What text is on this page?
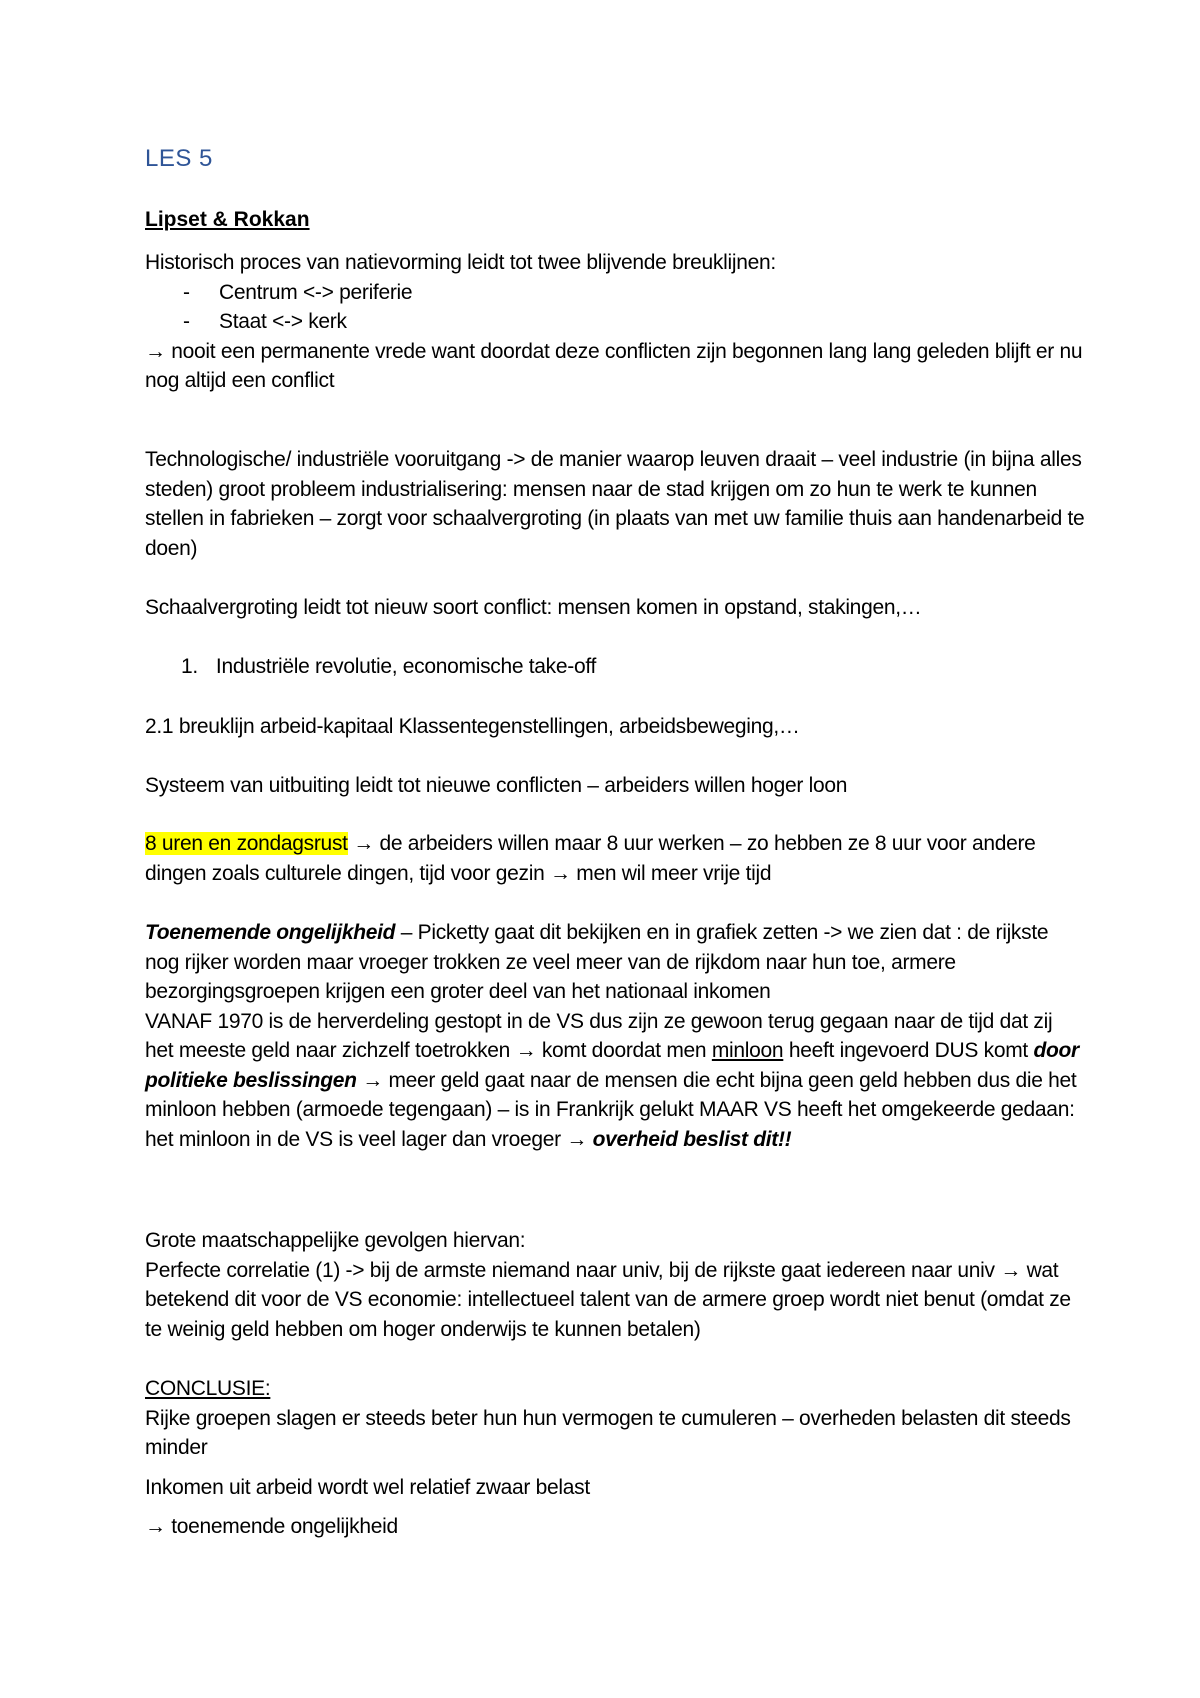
LES 5
Lipset & Rokkan

Historisch proces van natievorming leidt tot twee blijvende breuklijnen:

- Centrum <-> periferie
- Staat <-> kerk

→ nooit een permanente vrede want doordat deze conflicten zijn begonnen lang lang geleden blijft er nu nog altijd een conflict

Technologische/ industriële vooruitgang -> de manier waarop leuven draait – veel industrie (in bijna alles steden) groot probleem industrialisering: mensen naar de stad krijgen om zo hun te werk te kunnen stellen in fabrieken – zorgt voor schaalvergroting (in plaats van met uw familie thuis aan handenarbeid te doen)

Schaalvergroting leidt tot nieuw soort conflict: mensen komen in opstand, stakingen,…

1. Industriële revolutie, economische take-off

2.1 breuklijn arbeid-kapitaal Klassentegenstellingen, arbeidsbeweging,…

Systeem van uitbuiting leidt tot nieuwe conflicten – arbeiders willen hoger loon

8 uren en zondagsrust → de arbeiders willen maar 8 uur werken – zo hebben ze 8 uur voor andere dingen zoals culturele dingen, tijd voor gezin → men wil meer vrije tijd

Toenemende ongelijkheid – Picketty gaat dit bekijken en in grafiek zetten -> we zien dat : de rijkste nog rijker worden maar vroeger trokken ze veel meer van de rijkdom naar hun toe, armere bezorgingsgroepen krijgen een groter deel van het nationaal inkomen

VANAF 1970 is de herverdeling gestopt in de VS dus zijn ze gewoon terug gegaan naar de tijd dat zij het meeste geld naar zichzelf toetrokken → komt doordat men minloon heeft ingevoerd DUS komt door politieke beslissingen → meer geld gaat naar de mensen die echt bijna geen geld hebben dus die het minloon hebben (armoede tegengaan) – is in Frankrijk gelukt MAAR VS heeft het omgekeerde gedaan: het minloon in de VS is veel lager dan vroeger → overheid beslist dit!!

Grote maatschappelijke gevolgen hiervan:

Perfecte correlatie (1) -> bij de armste niemand naar univ, bij de rijkste gaat iedereen naar univ → wat betekend dit voor de VS economie: intellectueel talent van de armere groep wordt niet benut (omdat ze te weinig geld hebben om hoger onderwijs te kunnen betalen)

CONCLUSIE:

Rijke groepen slagen er steeds beter hun hun vermogen te cumuleren – overheden belasten dit steeds minder

Inkomen uit arbeid wordt wel relatief zwaar belast

→ toenemende ongelijkheid
